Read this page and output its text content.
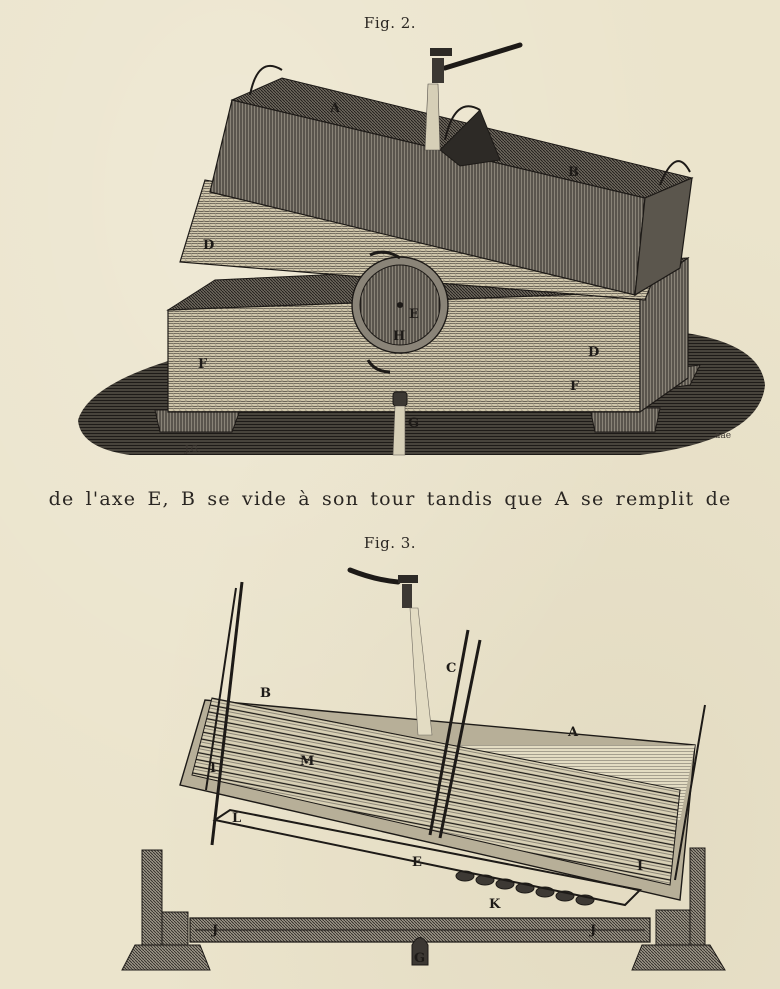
Fig. 2.
A
B
D
D
E
F
F
G
H
J.G.
aae
de l'axe E, B se vide à son tour tandis que A se remplit de
Fig. 3.
A
B
C
E
G
I
I
J	J
K
L
M
